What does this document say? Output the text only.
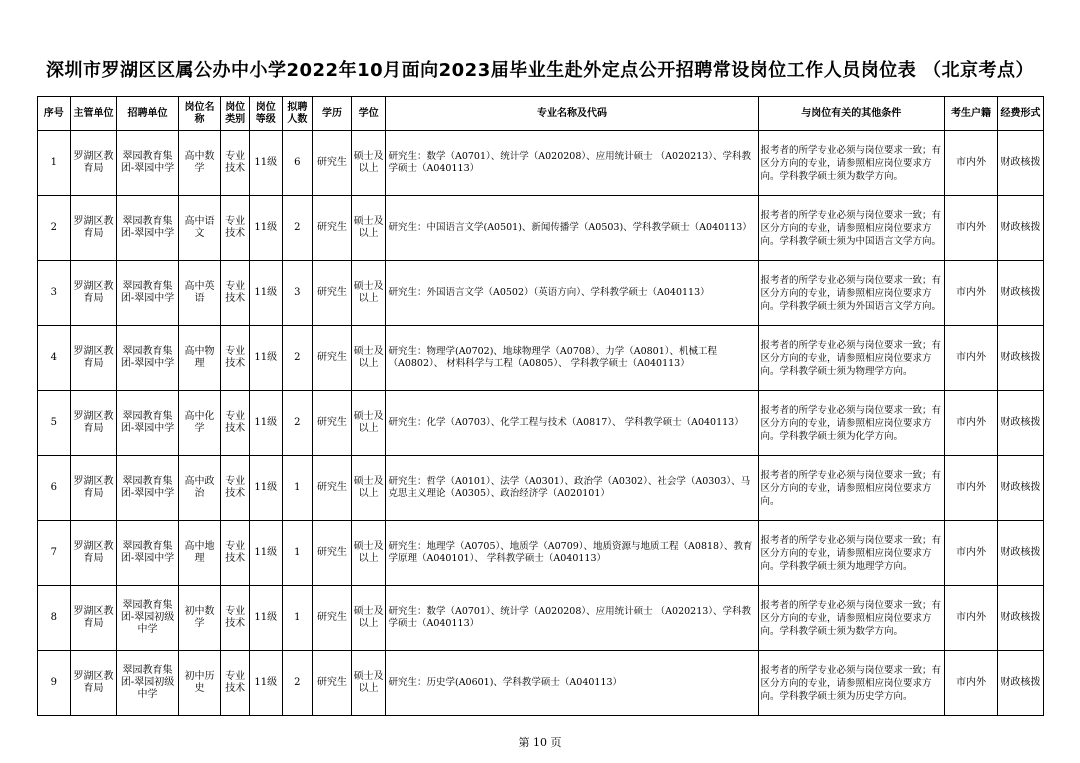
深圳市罗湖区区属公办中小学2022年10月面向2023届毕业生赴外定点公开招聘常设岗位工作人员岗位表 （北京考点）
序号	主管单位	招聘单位	岗位名称	岗位类别	岗位等级	拟聘人数	学历	学位	专业名称及代码	与岗位有关的其他条件	考生户籍	经费形式
1	罗湖区教育局	翠园教育集团-翠园中学	高中数学	专业技术	11级	6	研究生	硕士及以上	研究生：数学（A0701）、统计学（A020208）、应用统计硕士 （A020213）、学科教学硕士（A040113）	报考者的所学专业必须与岗位要求一致；有区分方向的专业，请参照相应岗位要求方向。学科教学硕士须为数学方向。	市内外	财政核拨
2	罗湖区教育局	翠园教育集团-翠园中学	高中语文	专业技术	11级	2	研究生	硕士及以上	研究生：中国语言文学(A0501)、新闻传播学（A0503)、学科教学硕士（A040113）	报考者的所学专业必须与岗位要求一致；有区分方向的专业，请参照相应岗位要求方向。学科教学硕士须为中国语言文学方向。	市内外	财政核拨
3	罗湖区教育局	翠园教育集团-翠园中学	高中英语	专业技术	11级	3	研究生	硕士及以上	研究生：外国语言文学（A0502）（英语方向）、学科教学硕士（A040113）	报考者的所学专业必须与岗位要求一致；有区分方向的专业，请参照相应岗位要求方向。学科教学硕士须为外国语言文学方向。	市内外	财政核拨
4	罗湖区教育局	翠园教育集团-翠园中学	高中物理	专业技术	11级	2	研究生	硕士及以上	研究生：物理学(A0702)、地球物理学（A0708）、力学（A0801）、机械工程（A0802）、 材料科学与工程（A0805）、 学科教学硕士（A040113）	报考者的所学专业必须与岗位要求一致；有区分方向的专业，请参照相应岗位要求方向。学科教学硕士须为物理学方向。	市内外	财政核拨
5	罗湖区教育局	翠园教育集团-翠园中学	高中化学	专业技术	11级	2	研究生	硕士及以上	研究生：化学（A0703）、化学工程与技术（A0817）、 学科教学硕士（A040113）	报考者的所学专业必须与岗位要求一致；有区分方向的专业，请参照相应岗位要求方向。学科教学硕士须为化学方向。	市内外	财政核拨
6	罗湖区教育局	翠园教育集团-翠园中学	高中政治	专业技术	11级	1	研究生	硕士及以上	研究生：哲学（A0101）、法学（A0301）、政治学（A0302）、社会学（A0303）、马克思主义理论（A0305）、政治经济学（A020101）	报考者的所学专业必须与岗位要求一致；有区分方向的专业，请参照相应岗位要求方向。	市内外	财政核拨
7	罗湖区教育局	翠园教育集团-翠园中学	高中地理	专业技术	11级	1	研究生	硕士及以上	研究生：地理学（A0705）、地质学（A0709）、地质资源与地质工程（A0818）、教育学原理（A040101）、 学科教学硕士（A040113）	报考者的所学专业必须与岗位要求一致；有区分方向的专业，请参照相应岗位要求方向。学科教学硕士须为地理学方向。	市内外	财政核拨
8	罗湖区教育局	翠园教育集团-翠园初级中学	初中数学	专业技术	11级	1	研究生	硕士及以上	研究生：数学（A0701）、统计学（A020208）、应用统计硕士 （A020213）、学科教学硕士（A040113）	报考者的所学专业必须与岗位要求一致；有区分方向的专业，请参照相应岗位要求方向。学科教学硕士须为数学方向。	市内外	财政核拨
9	罗湖区教育局	翠园教育集团-翠园初级中学	初中历史	专业技术	11级	2	研究生	硕士及以上	研究生：历史学(A0601)、学科教学硕士（A040113）	报考者的所学专业必须与岗位要求一致；有区分方向的专业，请参照相应岗位要求方向。学科教学硕士须为历史学方向。	市内外	财政核拨
第 10 页
